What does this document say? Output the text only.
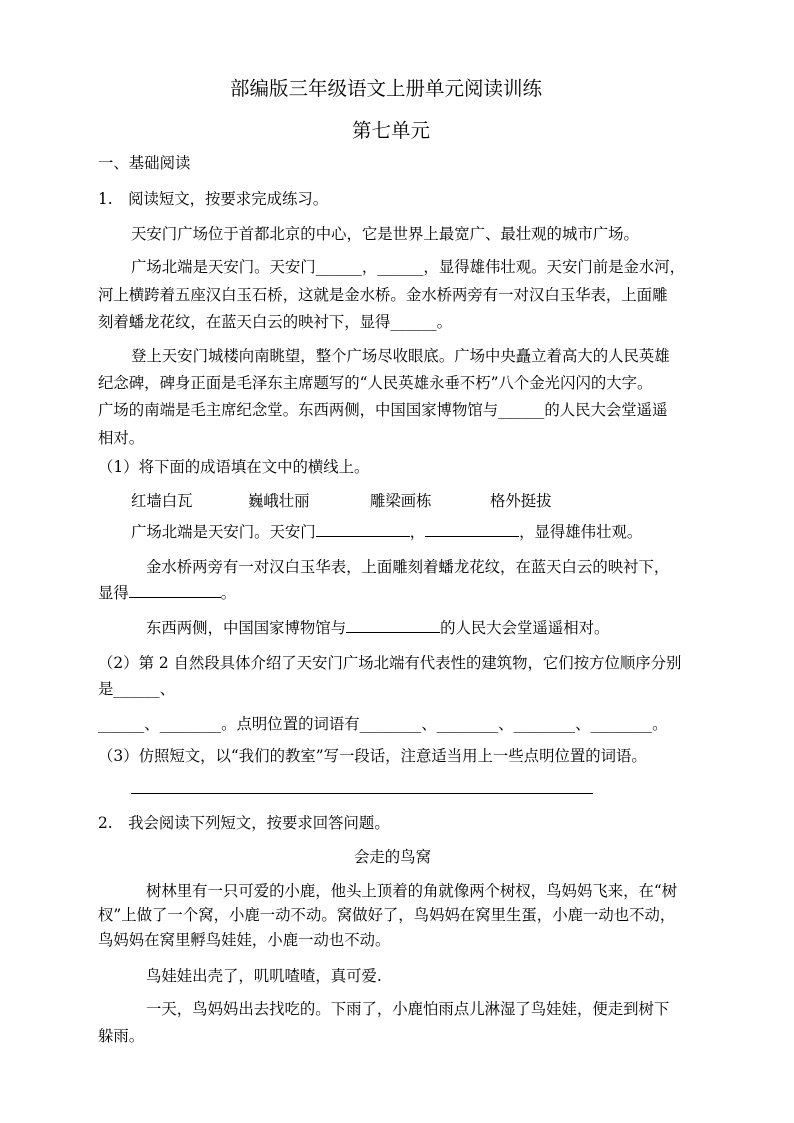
部编版三年级语文上册单元阅读训练
第七单元
一、基础阅读
1.　阅读短文，按要求完成练习。
天安门广场位于首都北京的中心，它是世界上最宽广、最壮观的城市广场。
广场北端是天安门。天安门______，______，显得雄伟壮观。天安门前是金水河，
河上横跨着五座汉白玉石桥，这就是金水桥。金水桥两旁有一对汉白玉华表，上面雕
刻着蟠龙花纹，在蓝天白云的映衬下，显得______。
登上天安门城楼向南眺望，整个广场尽收眼底。广场中央矗立着高大的人民英雄
纪念碑，碑身正面是毛泽东主席题写的“人民英雄永垂不朽”八个金光闪闪的大字。
广场的南端是毛主席纪念堂。东西两侧，中国国家博物馆与______的人民大会堂遥遥
相对。
（1）将下面的成语填在文中的横线上。
红墙白瓦	巍峨壮丽	雕梁画栋	格外挺拔
广场北端是天安门。天安门	，	，显得雄伟壮观。
金水桥两旁有一对汉白玉华表，上面雕刻着蟠龙花纹，在蓝天白云的映衬下，
显得	。
东西两侧，中国国家博物馆与	的人民大会堂遥遥相对。
（2）第 2 自然段具体介绍了天安门广场北端有代表性的建筑物，它们按方位顺序分别
是______、
______、________。点明位置的词语有________、________、________、________。
（3）仿照短文，以“我们的教室”写一段话，注意适当用上一些点明位置的词语。
2.　我会阅读下列短文，按要求回答问题。
会走的鸟窝
树林里有一只可爱的小鹿，他头上顶着的角就像两个树杈，鸟妈妈飞来，在“树
杈”上做了一个窝，小鹿一动不动。窝做好了，鸟妈妈在窝里生蛋，小鹿一动也不动，
鸟妈妈在窝里孵鸟娃娃，小鹿一动也不动。
鸟娃娃出壳了，叽叽喳喳，真可爱.
一天，鸟妈妈出去找吃的。下雨了，小鹿怕雨点儿淋湿了鸟娃娃，便走到树下
躲雨。
